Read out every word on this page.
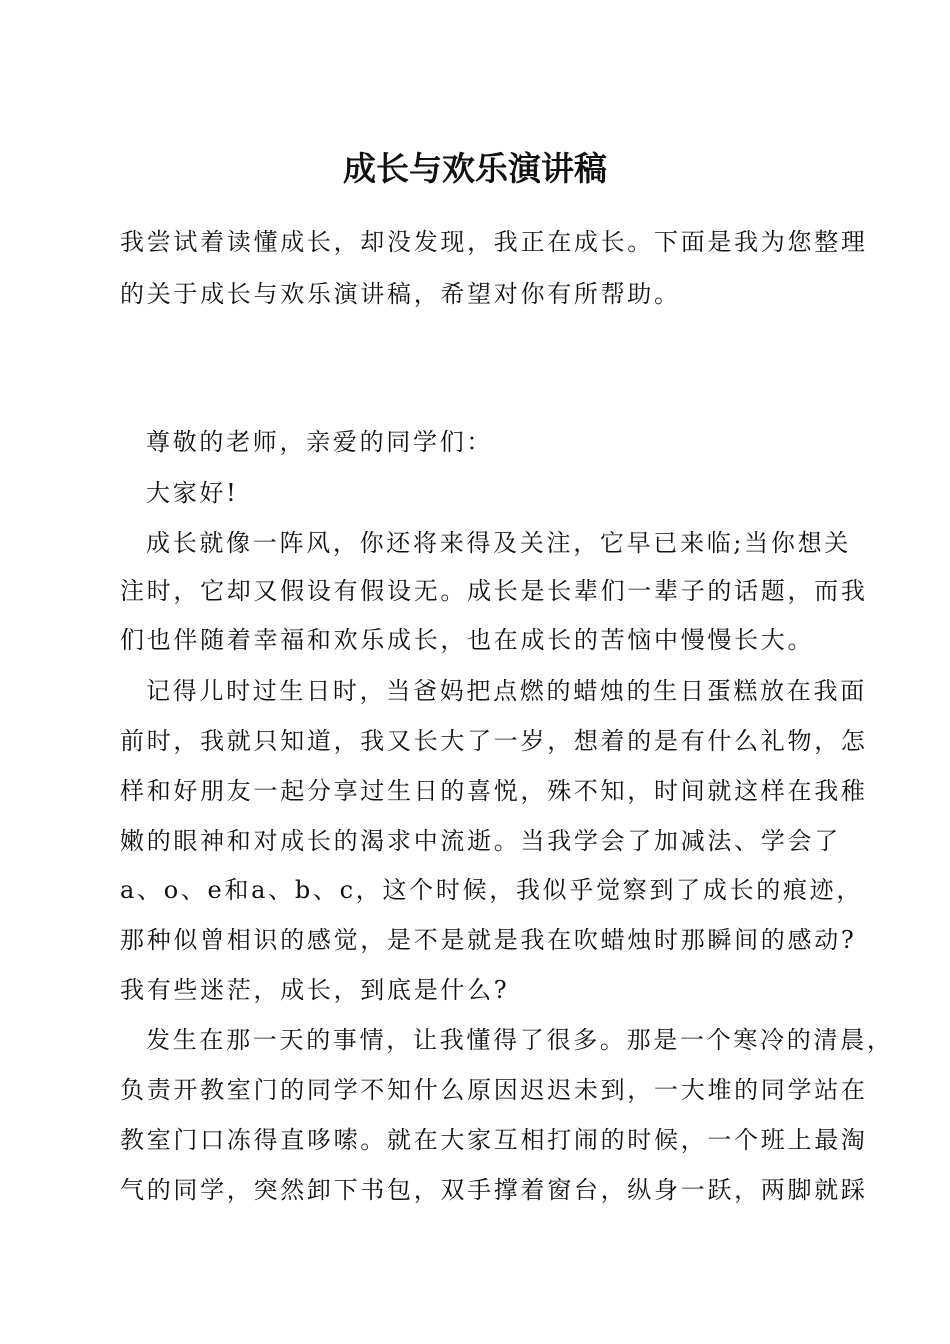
成长与欢乐演讲稿

我尝试着读懂成长，却没发现，我正在成长。下面是我为您整理

的关于成长与欢乐演讲稿，希望对你有所帮助。

尊敬的老师，亲爱的同学们：

大家好!

成长就像一阵风，你还将来得及关注，它早已来临;当你想关

注时，它却又假设有假设无。成长是长辈们一辈子的话题，而我

们也伴随着幸福和欢乐成长，也在成长的苦恼中慢慢长大。

记得儿时过生日时，当爸妈把点燃的蜡烛的生日蛋糕放在我面

前时，我就只知道，我又长大了一岁，想着的是有什么礼物，怎

样和好朋友一起分享过生日的喜悦，殊不知，时间就这样在我稚

嫩的眼神和对成长的渴求中流逝。当我学会了加减法、学会了

a、o、e和a、b、c，这个时候，我似乎觉察到了成长的痕迹，

那种似曾相识的感觉，是不是就是我在吹蜡烛时那瞬间的感动?

我有些迷茫，成长，到底是什么?

发生在那一天的事情，让我懂得了很多。那是一个寒冷的清晨，

负责开教室门的同学不知什么原因迟迟未到，一大堆的同学站在

教室门口冻得直哆嗦。就在大家互相打闹的时候，一个班上最淘

气的同学，突然卸下书包，双手撑着窗台，纵身一跃，两脚就踩
